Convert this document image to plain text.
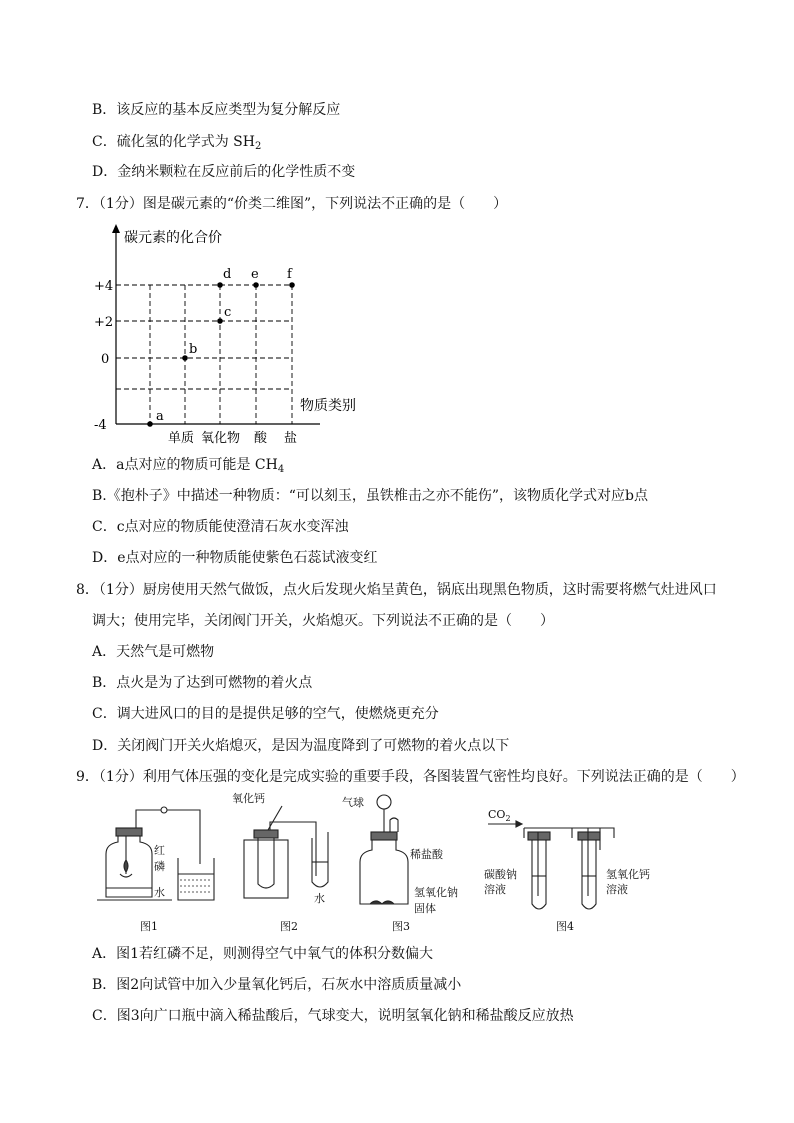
B．该反应的基本反应类型为复分解反应
C．硫化氢的化学式为 $SH_2$
D．金纳米颗粒在反应前后的化学性质不变
7．（1分）图是碳元素的“价类二维图”，下列说法不正确的是（　　）
碳元素的化合价
+4
+2
0
-4
物质类别
单质 氧化物 酸 盐
a
b
c
d e f
A．a点对应的物质可能是 $CH_4$
B.《抱朴子》中描述一种物质：“可以刻玉，虽铁椎击之亦不能伤”，该物质化学式对应b点
C．c点对应的物质能使澄清石灰水变浑浊
D．e点对应的一种物质能使紫色石蕊试液变红
8．（1分）厨房使用天然气做饭，点火后发现火焰呈黄色，锅底出现黑色物质，这时需要将燃气灶进风口
调大；使用完毕，关闭阀门开关，火焰熄灭。下列说法不正确的是（　　）
A．天然气是可燃物
B．点火是为了达到可燃物的着火点
C．调大进风口的目的是提供足够的空气，使燃烧更充分
D．关闭阀门开关火焰熄灭，是因为温度降到了可燃物的着火点以下
9．（1分）利用气体压强的变化是完成实验的重要手段，各图装置气密性均良好。下列说法正确的是（　　）
红
磷
水
图1
氧化钙
水
图2
气球
稀盐酸
氢氧化钠
固体
图3
$CO_2$
碳酸钠
溶液
氢氧化钙
溶液
图4
A．图1若红磷不足，则测得空气中氧气的体积分数偏大
B．图2向试管中加入少量氧化钙后，石灰水中溶质质量减小
C．图3向广口瓶中滴入稀盐酸后，气球变大，说明氢氧化钠和稀盐酸反应放热
